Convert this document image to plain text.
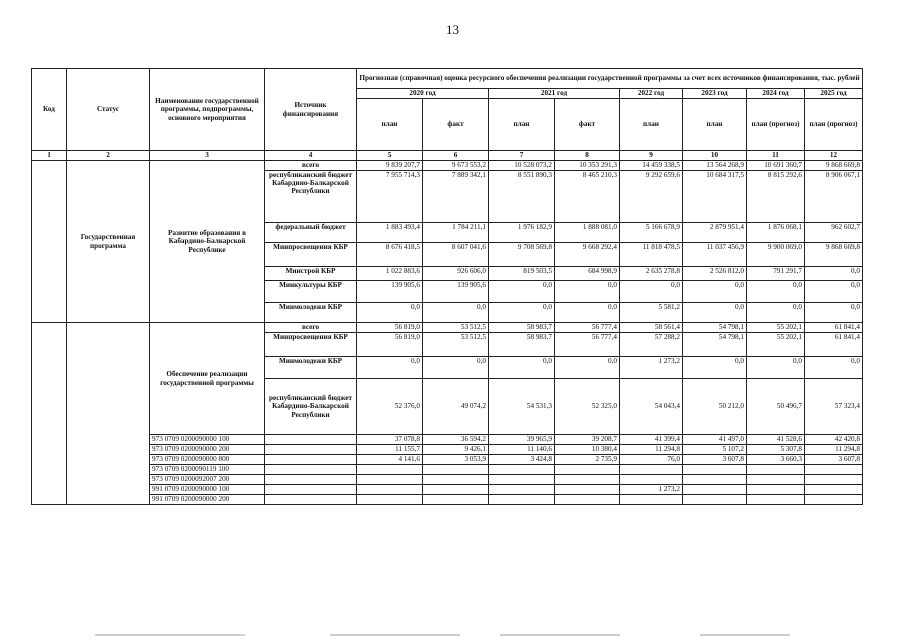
13
Код	Статус	Наименование государственной программы, подпрограммы, основного мероприятия	Источник финансирования	Прогнозная (справочная) оценка ресурсного обеспечения реализации государственной программы за счет всех источников финансирования, тыс. рублей							
				2020 год		2021 год		2022 год	2023 год	2024 год	2025 год
				план	факт	план	факт	план	план	план (прогноз)	план (прогноз)
1	2	3	4	5	6	7	8	9	10	11	12
	Государственная программа	Развитие образования в Кабардино-Балкарской Республике	всего	9 839 207,7	9 673 553,2	10 528 073,2	10 353 291,3	14 459 338,5	13 564 268,9	10 691 360,7	9 868 669,8
			республиканский бюджет Кабардино-Балкарской Республики	7 955 714,3	7 889 342,1	8 551 890,3	8 465 210,3	9 292 659,6	10 684 317,5	8 815 292,6	8 906 067,1
			федеральный бюджет	1 883 493,4	1 784 211,1	1 976 182,9	1 888 081,0	5 166 678,9	2 879 951,4	1 876 068,1	962 602,7
			Минпросвещения КБР	8 676 418,5	8 607 041,6	9 708 569,8	9 668 292,4	11 818 478,5	11 037 456,9	9 900 069,0	9 868 669,8
			Минстрой КБР	1 022 883,6	926 606,0	819 503,5	684 998,9	2 635 278,8	2 526 812,0	791 291,7	0,0
			Минкультуры КБР	139 905,6	139 905,6	0,0	0,0	0,0	0,0	0,0	0,0
			Минмолодежи КБР	0,0	0,0	0,0	0,0	5 581,2	0,0	0,0	0,0
		Обеспечение реализации государственной программы	всего	56 819,0	53 512,5	58 983,7	56 777,4	58 561,4	54 798,1	55 202,1	61 841,4
			Минпросвещения КБР	56 819,0	53 512,5	58 983,7	56 777,4	57 288,2	54 798,1	55 202,1	61 841,4
			Минмолодежи КБР	0,0	0,0	0,0	0,0	1 273,2	0,0	0,0	0,0
			республиканский бюджет Кабардино-Балкарской Республики	52 376,0	49 074,2	54 531,3	52 325,0	54 043,4	50 212,0	50 496,7	57 323,4
		973 0709 0200090000 100		37 078,8	36 594,2	39 965,9	39 208,7	41 399,4	41 497,0	41 528,6	42 420,8
		973 0709 0200090000 200		11 155,7	9 426,1	11 140,6	10 380,4	11 294,8	5 107,2	5 307,8	11 294,8
		973 0709 0200090000 800		4 141,6	3 053,9	3 424,8	2 735,9	76,0	3 607,8	3 660,3	3 607,8
		973 0709 0200090119 100									
		973 0709 0200092007 200									
		991 0709 0200090000 100						1 273,2			
		991 0709 0200090000 200									
